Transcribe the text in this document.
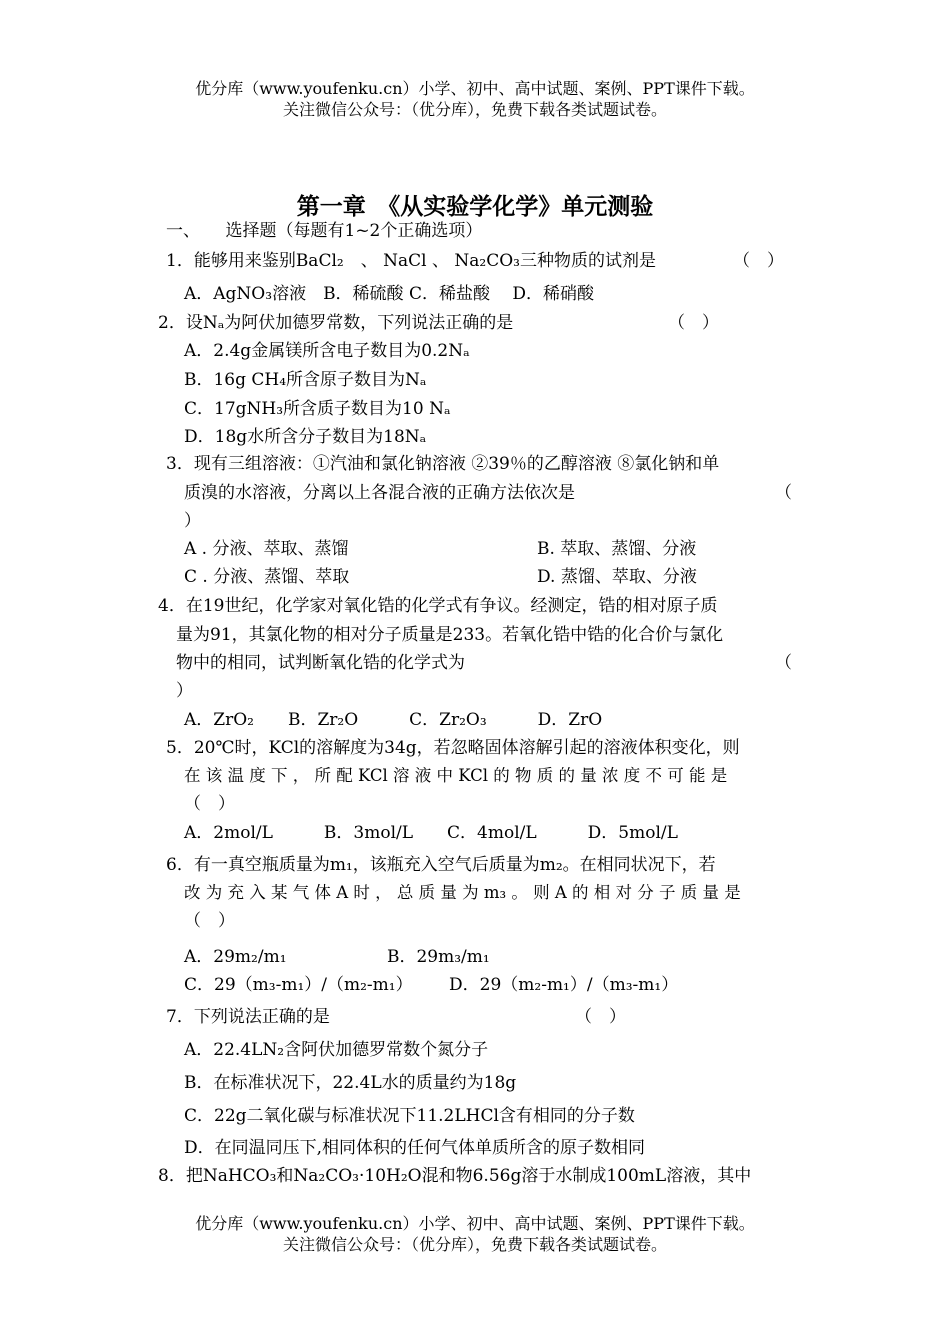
优分库（www.youfenku.cn）小学、初中、高中试题、案例、PPT课件下载。
关注微信公众号：（优分库），免费下载各类试题试卷。
第一章　《从实验学化学》单元测验
一、　　选择题（每题有1~2个正确选项）
1．能够用来鉴别BaCl₂　、 NaCl 、 Na₂CO₃三种物质的试剂是	（　）
A．AgNO₃溶液　B．稀硫酸 C．稀盐酸　 D．稀硝酸
2．设Nₐ为阿伏加德罗常数，下列说法正确的是	（　）
A．2.4g金属镁所含电子数目为0.2Nₐ
B．16g CH₄所含原子数目为Nₐ
C．17gNH₃所含质子数目为10 Nₐ
D．18g水所含分子数目为18Nₐ
3．现有三组溶液：①汽油和氯化钠溶液 ②39％的乙醇溶液 ⑧氯化钠和单
质溴的水溶液，分离以上各混合液的正确方法依次是	（
）
A . 分液、萃取、蒸馏	B. 萃取、蒸馏、分液
C . 分液、蒸馏、萃取	D. 蒸馏、萃取、分液
4．在19世纪，化学家对氧化锆的化学式有争议。经测定，锆的相对原子质
量为91，其氯化物的相对分子质量是233。若氧化锆中锆的化合价与氯化
物中的相同，试判断氧化锆的化学式为	（
）
A．ZrO₂　　B．Zr₂O　　　C．Zr₂O₃　　　D．ZrO
5．20℃时，KCl的溶解度为34g，若忽略固体溶解引起的溶液体积变化，则
在 该 温 度 下 ， 所 配 KCl 溶 液 中 KCl 的 物 质 的 量 浓 度 不 可 能 是
（　）
A．2mol/L　　　B．3mol/L　　C．4mol/L　　　D．5mol/L
6．有一真空瓶质量为m₁，该瓶充入空气后质量为m₂。在相同状况下，若
改 为 充 入 某 气 体 A 时 ， 总 质 量 为 m₃ 。 则 A 的 相 对 分 子 质 量 是
（　）
A．29m₂/m₁	B．29m₃/m₁
C．29（m₃-m₁）/（m₂-m₁） D．29（m₂-m₁）/（m₃-m₁）
7．下列说法正确的是	（　）
A．22.4LN₂含阿伏加德罗常数个氮分子
B．在标准状况下，22.4L水的质量约为18g
C．22g二氧化碳与标准状况下11.2LHCl含有相同的分子数
D．在同温同压下,相同体积的任何气体单质所含的原子数相同
8．把NaHCO₃和Na₂CO₃·10H₂O混和物6.56g溶于水制成100mL溶液，其中
优分库（www.youfenku.cn）小学、初中、高中试题、案例、PPT课件下载。
关注微信公众号：（优分库），免费下载各类试题试卷。
